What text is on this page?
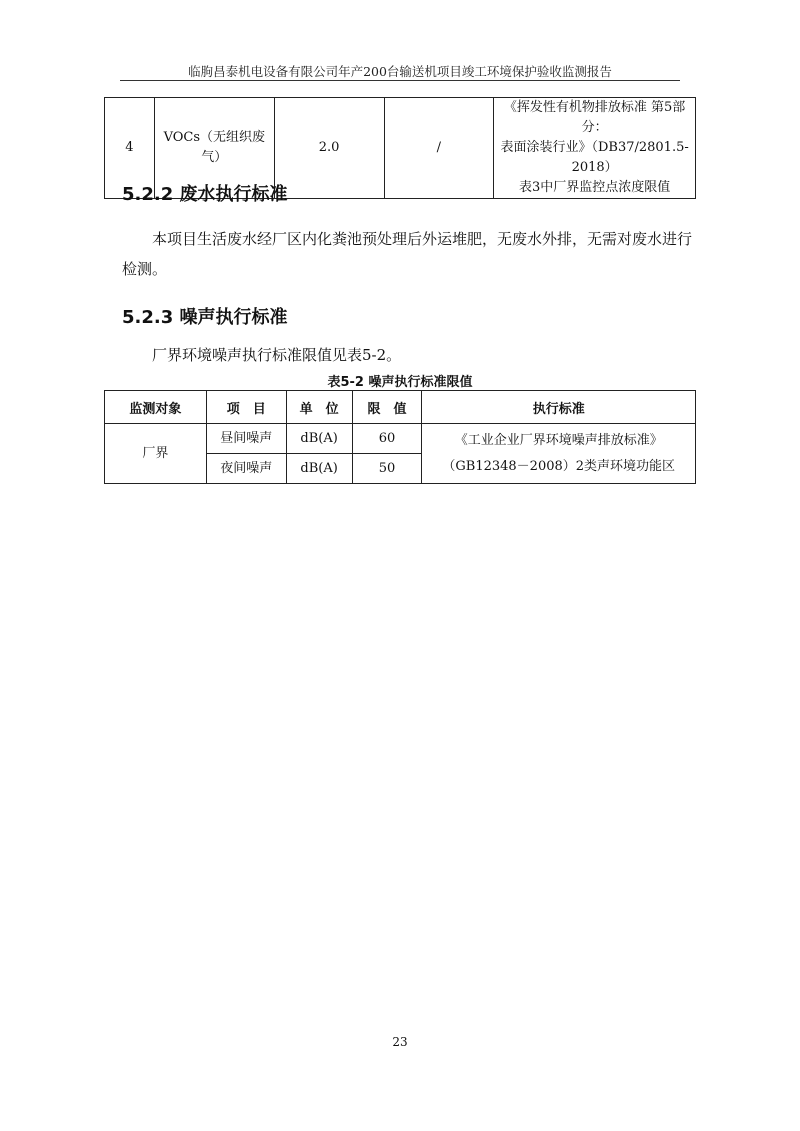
临朐昌泰机电设备有限公司年产200台输送机项目竣工环境保护验收监测报告
4	VOCs（无组织废气）	2.0	/	
《挥发性有机物排放标准 第5部分：
表面涂装行业》（DB37/2801.5-2018）
表3中厂界监控点浓度限值
5.2.2 废水执行标准
本项目生活废水经厂区内化粪池预处理后外运堆肥，无废水外排，无需对废水进行检测。
5.2.3 噪声执行标准
厂界环境噪声执行标准限值见表5-2。
表5-2 噪声执行标准限值
监测对象	项　目	单　位	限　值	执行标准
厂界	昼间噪声	dB(A)	60	《工业企业厂界环境噪声排放标准》
（GB12348－2008）2类声环境功能区

	夜间噪声	dB(A)	50	
23
